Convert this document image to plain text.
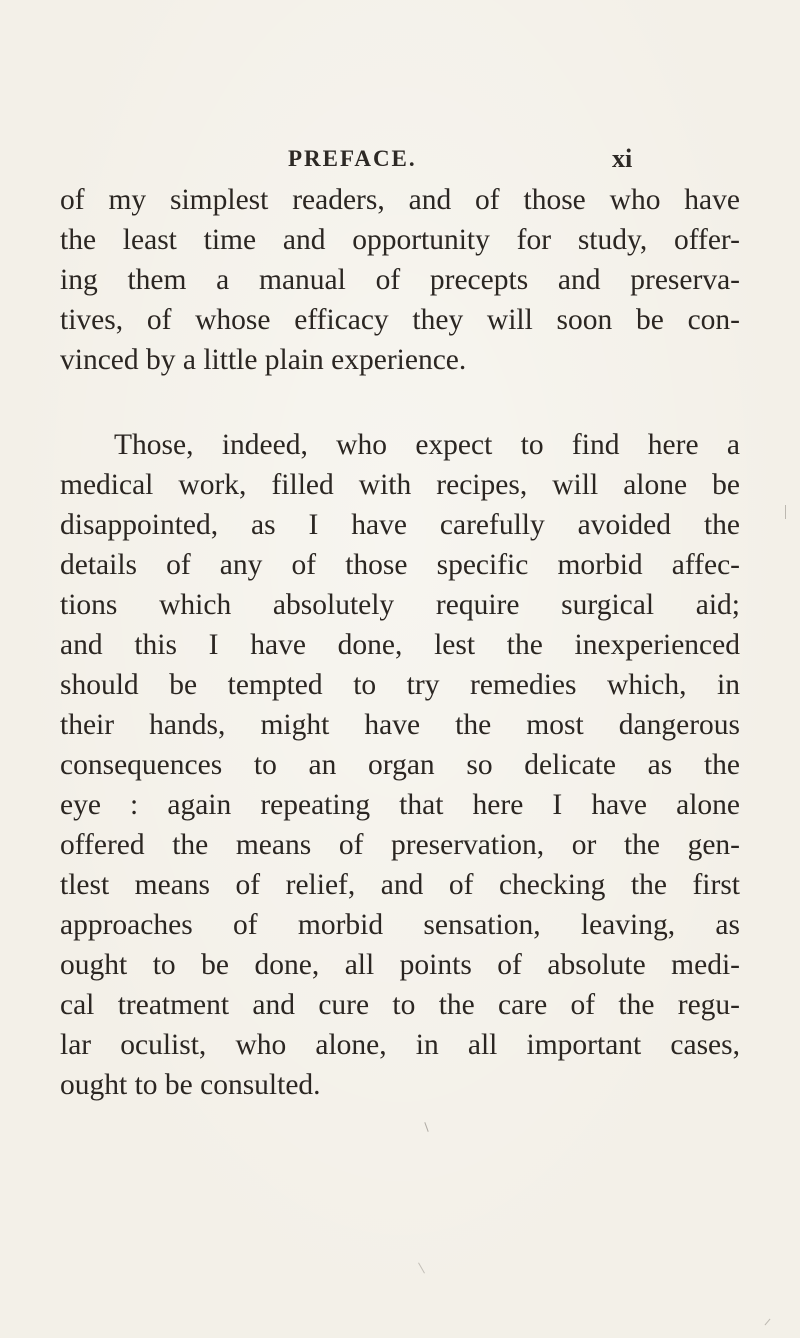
PREFACE.	xi
of my simplest readers, and of those who have
the least time and opportunity for study, offer-
ing them a manual of precepts and preserva-
tives, of whose efficacy they will soon be con-
vinced by a little plain experience.
Those, indeed, who expect to find here a
medical work, filled with recipes, will alone be
disappointed, as I have carefully avoided the
details of any of those specific morbid affec-
tions which absolutely require surgical aid;
and this I have done, lest the inexperienced
should be tempted to try remedies which, in
their hands, might have the most dangerous
consequences to an organ so delicate as the
eye : again repeating that here I have alone
offered the means of preservation, or the gen-
tlest means of relief, and of checking the first
approaches of morbid sensation, leaving, as
ought to be done, all points of absolute medi-
cal treatment and cure to the care of the regu-
lar oculist, who alone, in all important cases,
ought to be consulted.
